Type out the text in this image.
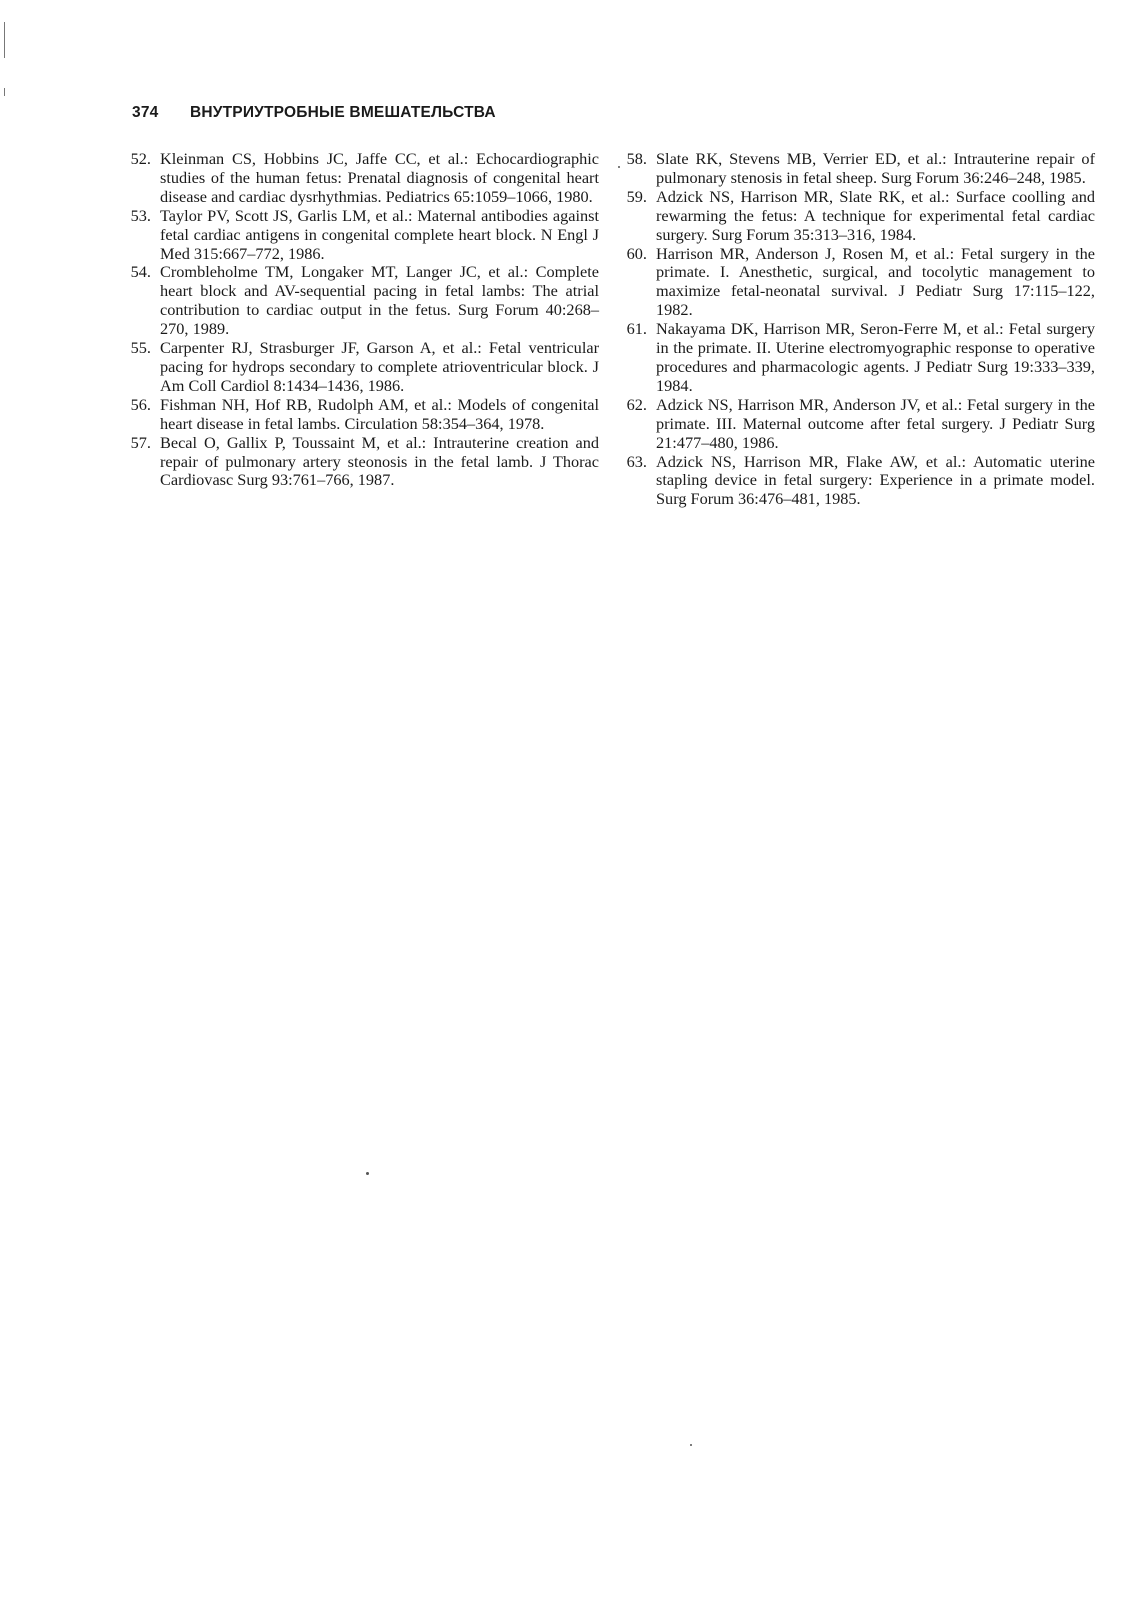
374 ВНУТРИУТРОБНЫЕ ВМЕШАТЕЛЬСТВА
52. Kleinman CS, Hobbins JC, Jaffe CC, et al.: Echocardiographic studies of the human fetus: Prenatal diagnosis of congenital heart disease and cardiac dysrhythmias. Pediatrics 65:1059–1066, 1980.
53. Taylor PV, Scott JS, Garlis LM, et al.: Maternal antibodies against fetal cardiac antigens in congenital complete heart block. N Engl J Med 315:667–772, 1986.
54. Crombleholme TM, Longaker MT, Langer JC, et al.: Complete heart block and AV-sequential pacing in fetal lambs: The atrial contribution to cardiac output in the fetus. Surg Forum 40:268–270, 1989.
55. Carpenter RJ, Strasburger JF, Garson A, et al.: Fetal ventricular pacing for hydrops secondary to complete atrioventricular block. J Am Coll Cardiol 8:1434–1436, 1986.
56. Fishman NH, Hof RB, Rudolph AM, et al.: Models of congenital heart disease in fetal lambs. Circulation 58:354–364, 1978.
57. Becal O, Gallix P, Toussaint M, et al.: Intrauterine creation and repair of pulmonary artery steonosis in the fetal lamb. J Thorac Cardiovasc Surg 93:761–766, 1987.
58. Slate RK, Stevens MB, Verrier ED, et al.: Intrauterine repair of pulmonary stenosis in fetal sheep. Surg Forum 36:246–248, 1985.
59. Adzick NS, Harrison MR, Slate RK, et al.: Surface coolling and rewarming the fetus: A technique for experimental fetal cardiac surgery. Surg Forum 35:313–316, 1984.
60. Harrison MR, Anderson J, Rosen M, et al.: Fetal surgery in the primate. I. Anesthetic, surgical, and tocolytic management to maximize fetal-neonatal survival. J Pediatr Surg 17:115–122, 1982.
61. Nakayama DK, Harrison MR, Seron-Ferre M, et al.: Fetal surgery in the primate. II. Uterine electromyographic response to operative procedures and pharmacologic agents. J Pediatr Surg 19:333–339, 1984.
62. Adzick NS, Harrison MR, Anderson JV, et al.: Fetal surgery in the primate. III. Maternal outcome after fetal surgery. J Pediatr Surg 21:477–480, 1986.
63. Adzick NS, Harrison MR, Flake AW, et al.: Automatic uterine stapling device in fetal surgery: Experience in a primate model. Surg Forum 36:476–481, 1985.
